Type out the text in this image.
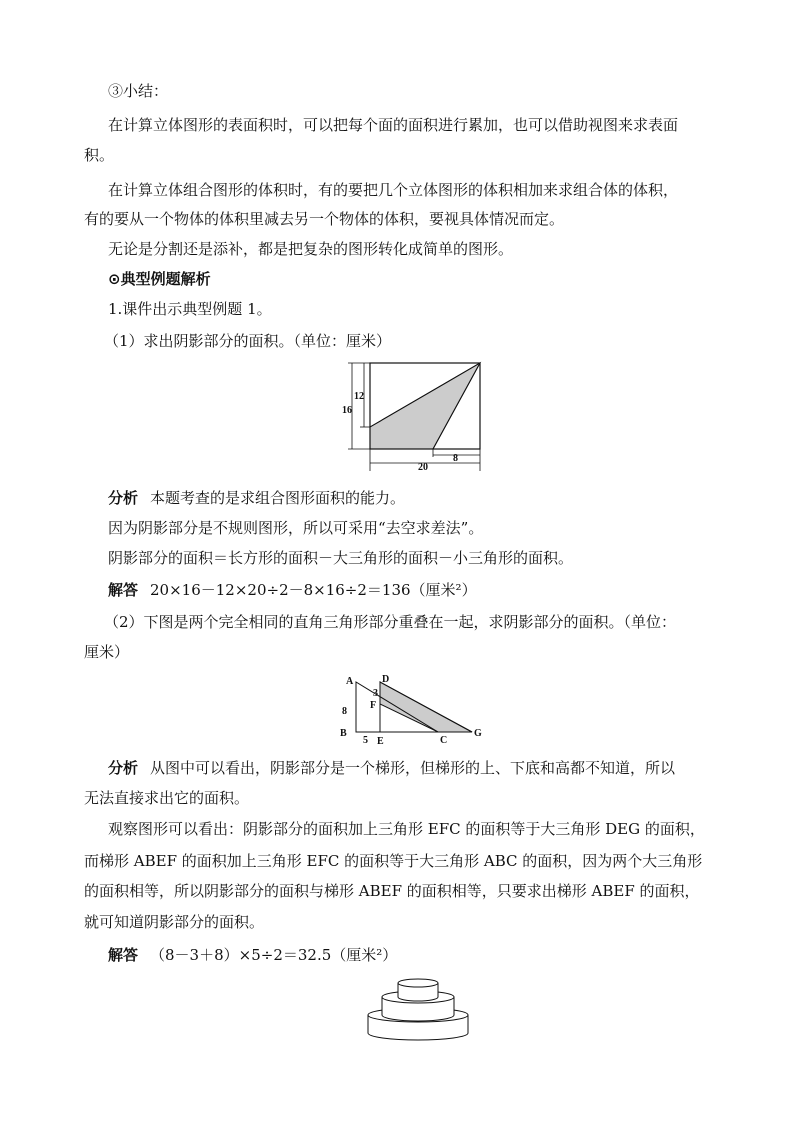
③小结：
在计算立体图形的表面积时，可以把每个面的面积进行累加，也可以借助视图来求表面
积。
在计算立体组合图形的体积时，有的要把几个立体图形的体积相加来求组合体的体积，
有的要从一个物体的体积里减去另一个物体的体积，要视具体情况而定。
无论是分割还是添补，都是把复杂的图形转化成简单的图形。
⊙典型例题解析
1.课件出示典型例题 1。
（1）求出阴影部分的面积。（单位：厘米）
12
16
20
8
分析 本题考查的是求组合图形面积的能力。
因为阴影部分是不规则图形，所以可采用“去空求差法”。
阴影部分的面积＝长方形的面积－大三角形的面积－小三角形的面积。
解答 20×16－12×20÷2－8×16÷2＝136（厘米²）
（2）下图是两个完全相同的直角三角形部分重叠在一起，求阴影部分的面积。（单位：
厘米）
A	D
3
F
8
B
5 E	C
G
分析 从图中可以看出，阴影部分是一个梯形，但梯形的上、下底和高都不知道，所以
无法直接求出它的面积。
观察图形可以看出：阴影部分的面积加上三角形 EFC 的面积等于大三角形 DEG 的面积，
而梯形 ABEF 的面积加上三角形 EFC 的面积等于大三角形 ABC 的面积，因为两个大三角形
的面积相等，所以阴影部分的面积与梯形 ABEF 的面积相等，只要求出梯形 ABEF 的面积，
就可知道阴影部分的面积。
解答 （8－3＋8）×5÷2＝32.5（厘米²）
